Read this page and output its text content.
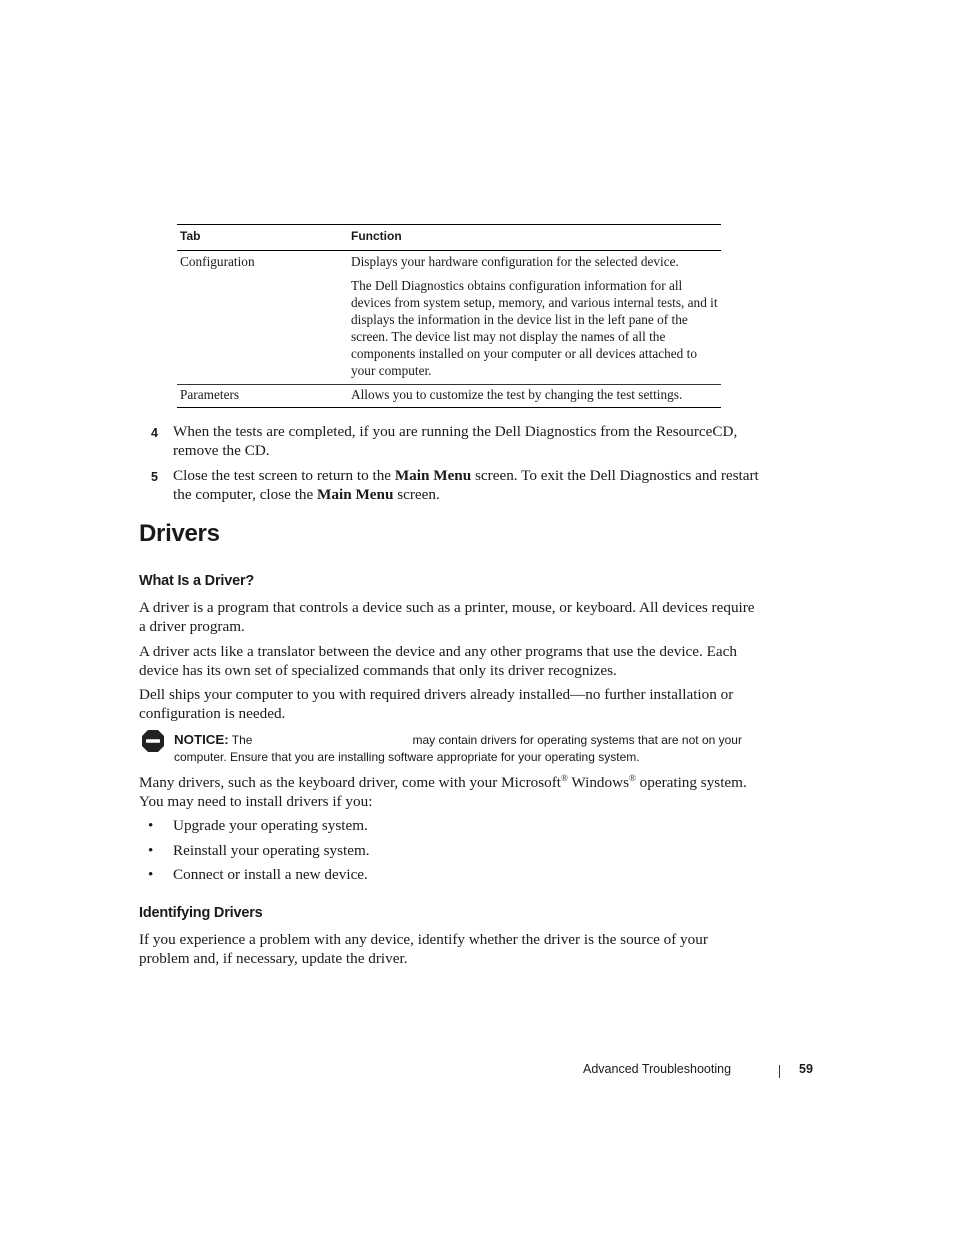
Tab	Function
Configuration	Displays your hardware configuration for the selected device.

The Dell Diagnostics obtains configuration information for all devices from system setup, memory, and various internal tests, and it displays the information in the device list in the left pane of the screen. The device list may not display the names of all the components installed on your computer or all devices attached to your computer.

Parameters	Allows you to customize the test by changing the test settings.
4 When the tests are completed, if you are running the Dell Diagnostics from the ResourceCD, remove the CD.
5 Close the test screen to return to the Main Menu screen. To exit the Dell Diagnostics and restart the computer, close the Main Menu screen.
Drivers
What Is a Driver?

A driver is a program that controls a device such as a printer, mouse, or keyboard. All devices require a driver program.

A driver acts like a translator between the device and any other programs that use the device. Each device has its own set of specialized commands that only its driver recognizes.

Dell ships your computer to you with required drivers already installed—no further installation or configuration is needed.

NOTICE: The	may contain drivers for operating systems that are not on your computer. Ensure that you are installing software appropriate for your operating system.

Many drivers, such as the keyboard driver, come with your Microsoft® Windows® operating system. You may need to install drivers if you:

• Upgrade your operating system.
• Reinstall your operating system.
• Connect or install a new device.
Identifying Drivers

If you experience a problem with any device, identify whether the driver is the source of your problem and, if necessary, update the driver.

Advanced Troubleshooting	59
